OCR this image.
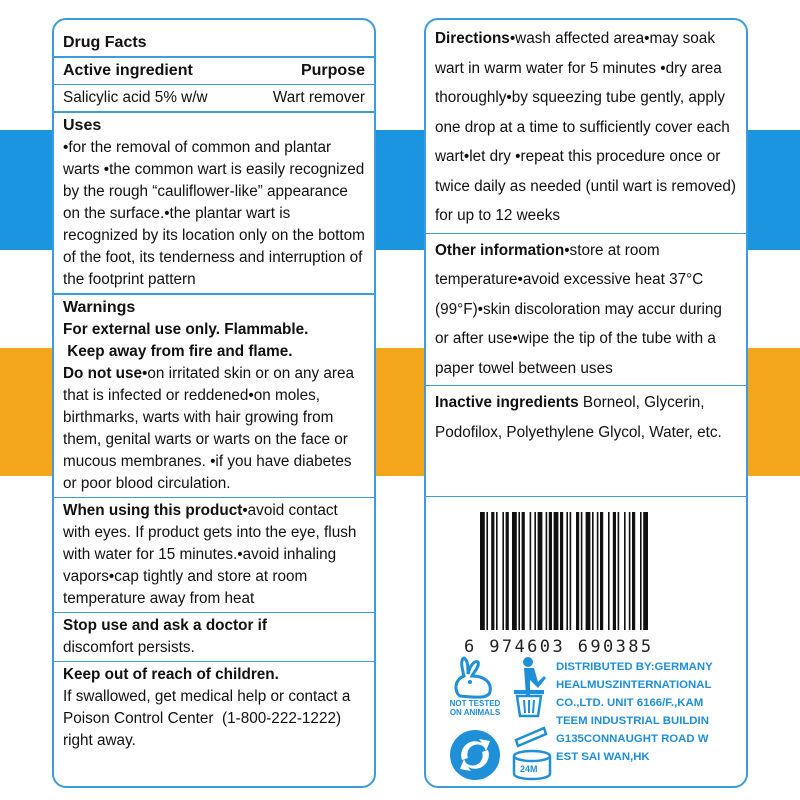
Drug Facts
Active ingredient	Purpose
Salicylic acid 5% w/w	Wart remover
Uses
•for the removal of common and plantar warts •the common wart is easily recognized by the rough “cauliflower-like” appearance on the surface.•the plantar wart is recognized by its location only on the bottom of the foot, its tenderness and interruption of the footprint pattern
Warnings
For external use only. Flammable.
Keep away from fire and flame.
Do not use•on irritated skin or on any area that is infected or reddened•on moles, birthmarks, warts with hair growing from them, genital warts or warts on the face or mucous membranes. •if you have diabetes or poor blood circulation.
When using this product•avoid contact with eyes. If product gets into the eye, flush with water for 15 minutes.•avoid inhaling vapors•cap tightly and store at room temperature away from heat
Stop use and ask a doctor if
discomfort persists.
Keep out of reach of children.
If swallowed, get medical help or contact a Poison Control Center  (1-800-222-1222) right away.
Directions•wash affected area•may soak wart in warm water for 5 minutes •dry area thoroughly•by squeezing tube gently, apply one drop at a time to sufficiently cover each wart•let dry •repeat this procedure once or twice daily as needed (until wart is removed) for up to 12 weeks
Other information•store at room temperature•avoid excessive heat 37°C (99°F)•skin discoloration may accur during or after use•wipe the tip of the tube with a paper towel between uses
Inactive ingredients Borneol, Glycerin, Podofilox, Polyethylene Glycol, Water, etc.
6 974603 690385
NOT TESTED
ON ANIMALS
24M
DISTRIBUTED BY:GERMANY
HEALMUSZINTERNATIONAL
CO.,LTD. UNIT 6166/F.,KAM
TEEM INDUSTRIAL BUILDIN
G135CONNAUGHT ROAD W
EST SAI WAN,HK
